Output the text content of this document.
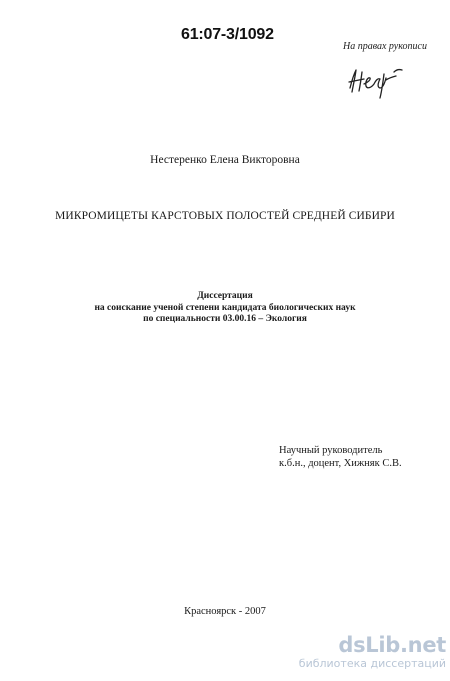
61:07-3/1092
На правах рукописи
Нестеренко Елена Викторовна
МИКРОМИЦЕТЫ КАРСТОВЫХ ПОЛОСТЕЙ СРЕДНЕЙ СИБИРИ
Диссертация
на соискание ученой степени кандидата биологических наук
по специальности 03.00.16 – Экология
Научный руководитель
к.б.н., доцент, Хижняк С.В.
Красноярск - 2007
dsLib.net
библиотека диссертаций
